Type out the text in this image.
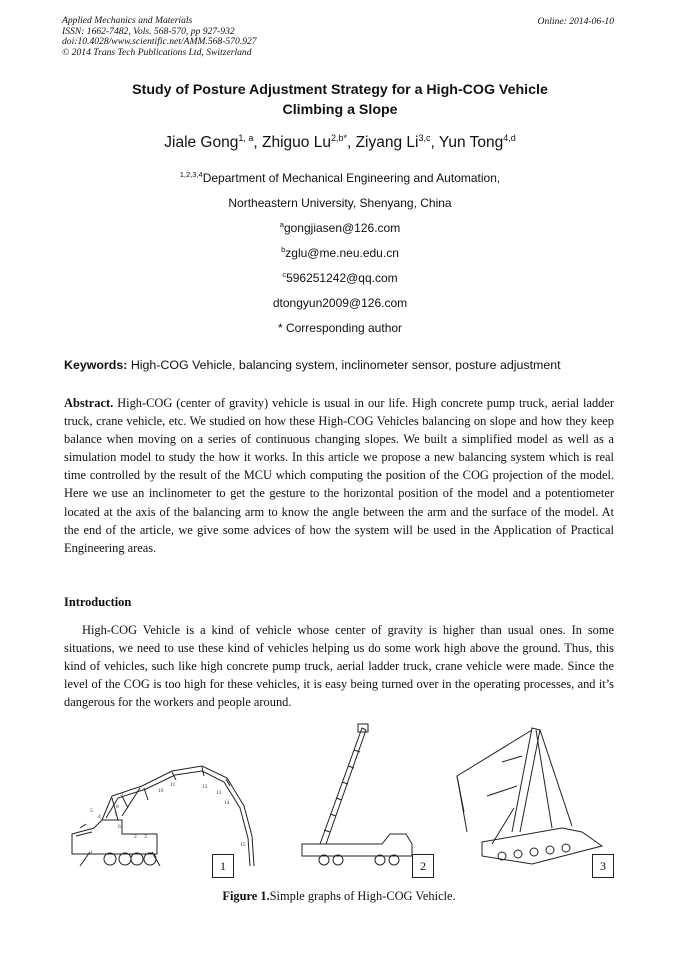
Applied Mechanics and Materials
ISSN: 1662-7482, Vols. 568-570, pp 927-932
doi:10.4028/www.scientific.net/AMM.568-570.927
© 2014 Trans Tech Publications Ltd, Switzerland
Online: 2014-06-10
Study of Posture Adjustment Strategy for a High-COG Vehicle
Climbing a Slope
Jiale Gong$^{1, a}$, Zhiguo $Lu^{2,b*}$, Ziyang Li$^{3,c}$, Yun Tong$^{4,d}$
$^{1,2,3,4}$Department of Mechanical Engineering and Automation,
Northeastern University, Shenyang, China
$^a$gongjiasen@126.com
$^b$zglu@me.neu.edu.cn
$^c$596251242@qq.com
dtongyun2009@126.com
* Corresponding author
Keywords: High-COG Vehicle, balancing system, inclinometer sensor, posture adjustment

Abstract. High-COG (center of gravity) vehicle is usual in our life. High concrete pump truck, aerial ladder truck, crane vehicle, etc. We studied on how these High-COG Vehicles balancing on slope and how they keep balance when moving on a series of continuous changing slopes. We built a simplified model as well as a simulation model to study the how it works. In this article we propose a new balancing system which is real time controlled by the result of the MCU which computing the position of the COG projection of the model. Here we use an inclinometer to get the gesture to the horizontal position of the model and a potentiometer located at the axis of the balancing arm to know the angle between the arm and the surface of the model. At the end of the article, we give some advices of how the system will be used in the Application of Practical Engineering areas.

Introduction

High-COG Vehicle is a kind of vehicle whose center of gravity is higher than usual ones. In some situations, we need to use these kind of vehicles helping us do some work high above the ground. Thus, this kind of vehicles, such like high concrete pump truck, aerial ladder truck, crane vehicle were made. Since the level of the COG is too high for these vehicles, it is easy being turned over in the operating processes, and it’s dangerous for the workers and people around.

1
2 3
4
5
6
7
8
9
10
11	12
13
14
15
1	2	3
Figure 1.Simple graphs of High-COG Vehicle.
